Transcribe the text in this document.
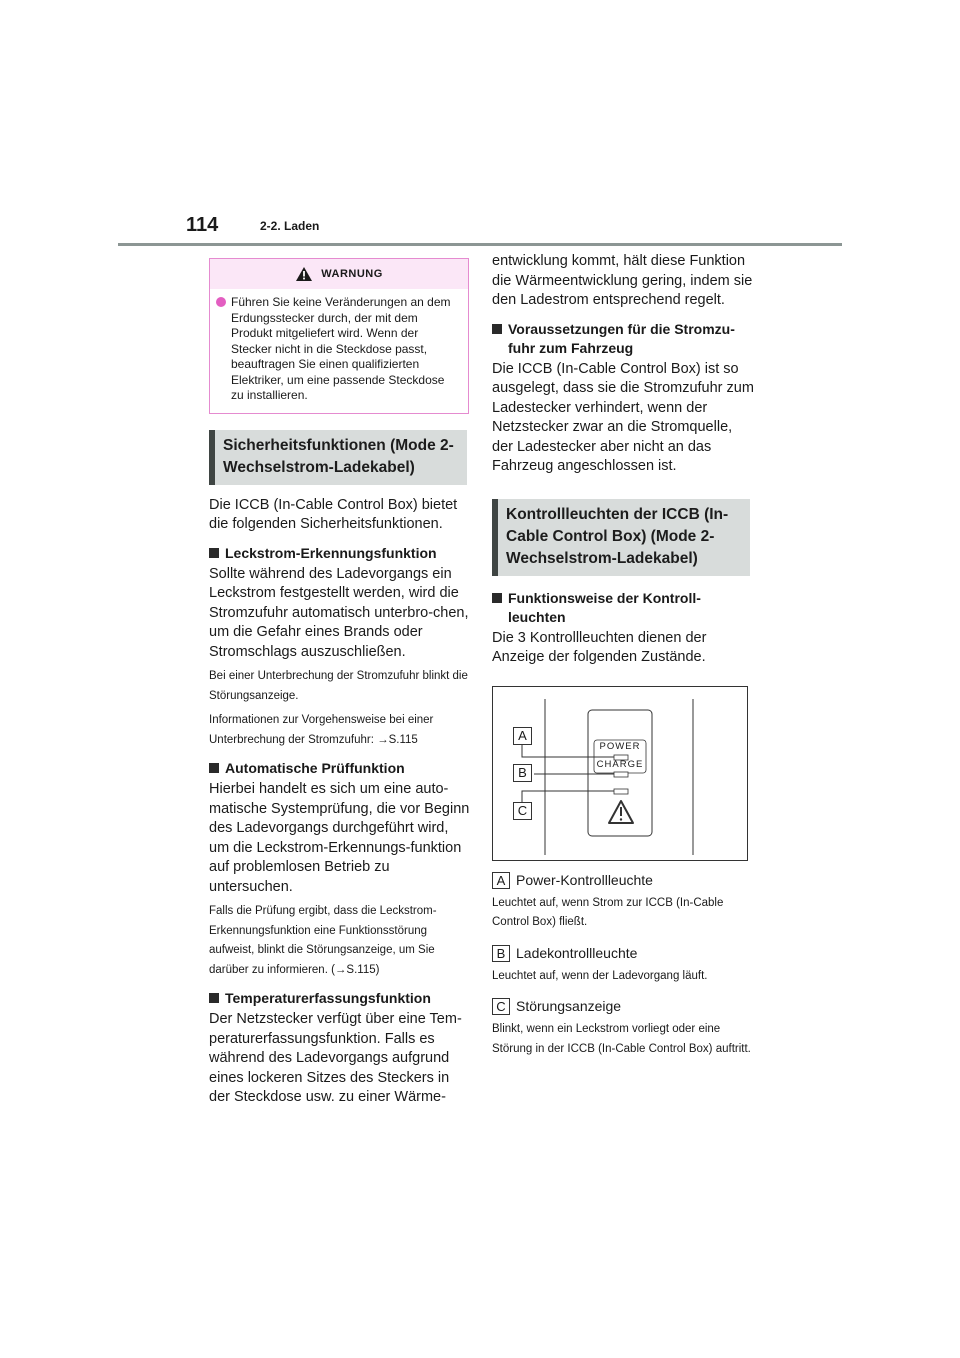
114	2-2. Laden
WARNUNG
Führen Sie keine Veränderungen an dem Erdungsstecker durch, der mit dem Produkt mitgeliefert wird. Wenn der Stecker nicht in die Steckdose passt, beauftragen Sie einen qualifizierten Elektriker, um eine passende Steckdose zu installieren.
Sicherheitsfunktionen (Mode 2-Wechselstrom-Ladekabel)

Die ICCB (In-Cable Control Box) bietet die folgenden Sicherheitsfunktionen.

Leckstrom-Erkennungsfunktion

Sollte während des Ladevorgangs ein Leckstrom festgestellt werden, wird die Stromzufuhr automatisch unterbro-chen, um die Gefahr eines Brands oder Stromschlags auszuschließen.

Bei einer Unterbrechung der Stromzufuhr blinkt die Störungsanzeige.

Informationen zur Vorgehensweise bei einer Unterbrechung der Stromzufuhr: →S.115

Automatische Prüffunktion

Hierbei handelt es sich um eine auto-matische Systemprüfung, die vor Beginn des Ladevorgangs durchgeführt wird, um die Leckstrom-Erkennungs-funktion auf problemlosen Betrieb zu untersuchen.

Falls die Prüfung ergibt, dass die Leckstrom-Erkennungsfunktion eine Funktionsstörung aufweist, blinkt die Störungsanzeige, um Sie darüber zu informieren. (→S.115)

Temperaturerfassungsfunktion

Der Netzstecker verfügt über eine Tem-peraturerfassungsfunktion. Falls es während des Ladevorgangs aufgrund eines lockeren Sitzes des Steckers in der Steckdose usw. zu einer Wärme-

entwicklung kommt, hält diese Funktion die Wärmeentwicklung gering, indem sie den Ladestrom entsprechend regelt.

Voraussetzungen für die Stromzu-fuhr zum Fahrzeug

Die ICCB (In-Cable Control Box) ist so ausgelegt, dass sie die Stromzufuhr zum Ladestecker verhindert, wenn der Netzstecker zwar an die Stromquelle, der Ladestecker aber nicht an das Fahrzeug angeschlossen ist.

Kontrollleuchten der ICCB (In-Cable Control Box) (Mode 2-Wechselstrom-Ladekabel)
Funktionsweise der Kontroll-leuchten

Die 3 Kontrollleuchten dienen der Anzeige der folgenden Zustände.

A
B
C
POWER
CHARGE
A Power-Kontrollleuchte

Leuchtet auf, wenn Strom zur ICCB (In-Cable Control Box) fließt.

B Ladekontrollleuchte

Leuchtet auf, wenn der Ladevorgang läuft.

C Störungsanzeige

Blinkt, wenn ein Leckstrom vorliegt oder eine Störung in der ICCB (In-Cable Control Box) auftritt.
